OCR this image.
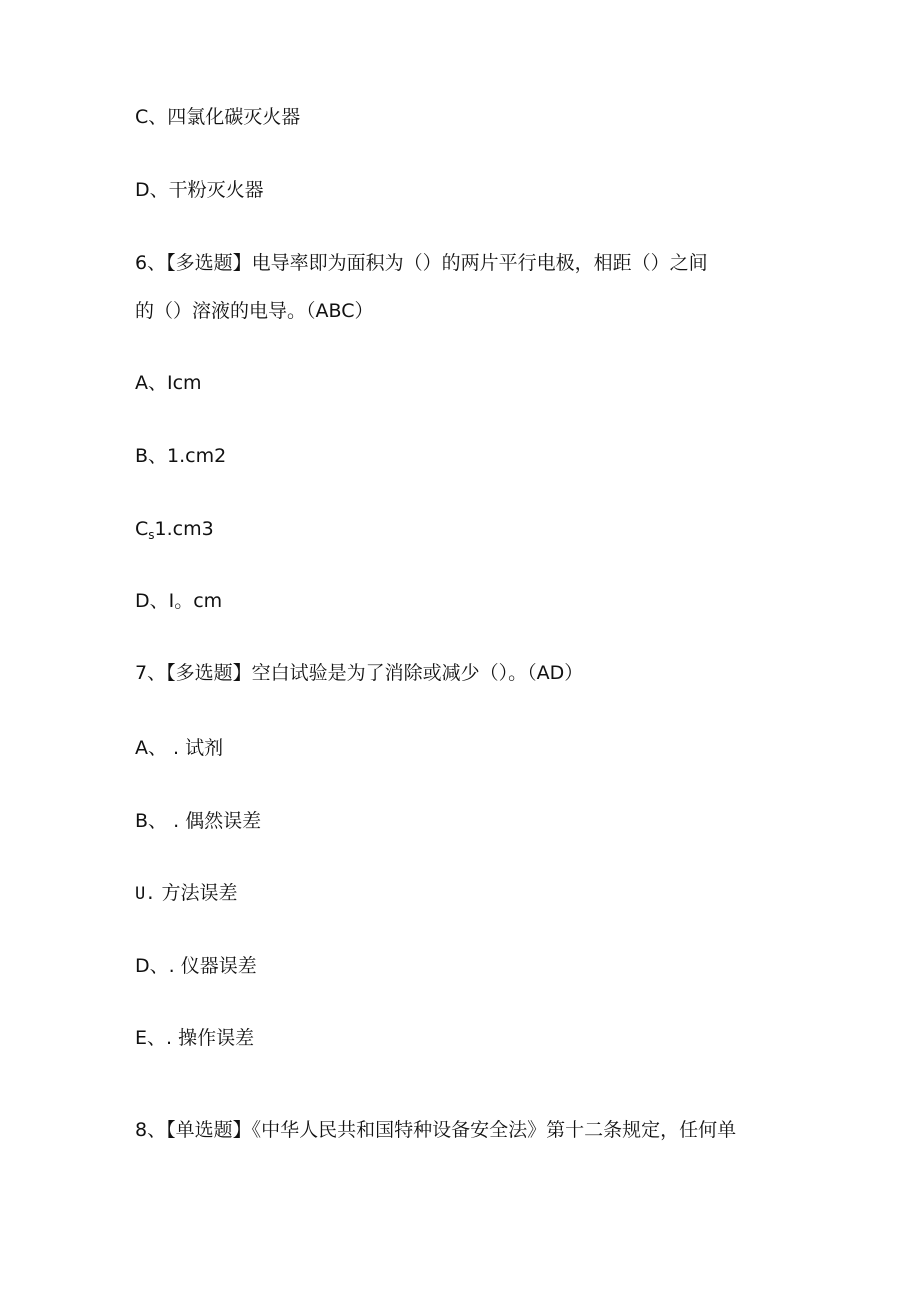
C、四氯化碳灭火器
D、干粉灭火器
6、【多选题】电导率即为面积为（）的两片平行电极，相距（）之间
的（）溶液的电导。（ABC）
A、Icm
B、1.cm2
$C_s1.cm3$
D、I。cm
7、【多选题】空白试验是为了消除或减少（）。（AD）
A、 . 试剂
B、 . 偶然误差
U. 方法误差
D、. 仪器误差
E、. 操作误差
8、【单选题】《中华人民共和国特种设备安全法》第十二条规定，任何单
